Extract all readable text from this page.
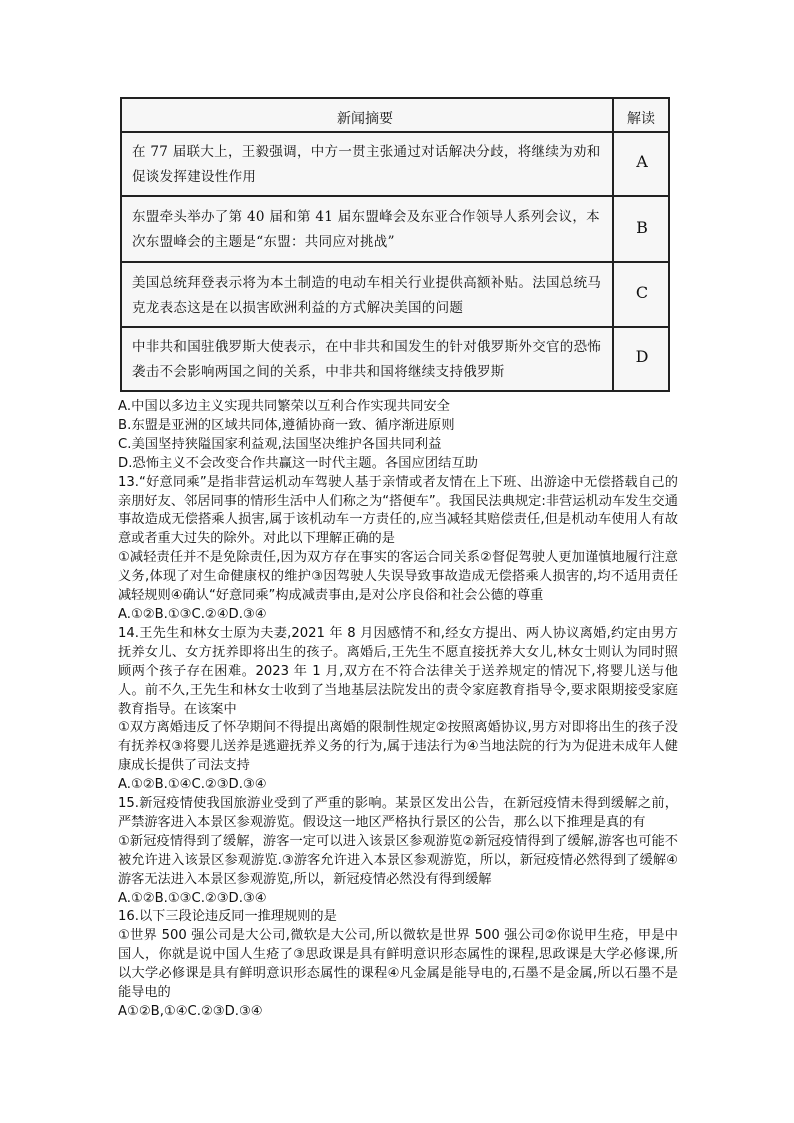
新闻摘要	解读
在 77 届联大上，王毅强调，中方一贯主张通过对话解决分歧，将继续为劝和促谈发挥建设性作用
A
东盟牵头举办了第 40 届和第 41 届东盟峰会及东亚合作领导人系列会议，本次东盟峰会的主题是“东盟：共同应对挑战”
B
美国总统拜登表示将为本土制造的电动车相关行业提供高额补贴。法国总统马克龙表态这是在以损害欧洲利益的方式解决美国的问题
C
中非共和国驻俄罗斯大使表示，在中非共和国发生的针对俄罗斯外交官的恐怖袭击不会影响两国之间的关系，中非共和国将继续支持俄罗斯
D

A.中国以多边主义实现共同繁荣以互利合作实现共同安全

B.东盟是亚洲的区域共同体,遵循协商一致、循序渐进原则

C.美国坚持狭隘国家利益观,法国坚决维护各国共同利益

D.恐怖主义不会改变合作共赢这一时代主题。各国应团结互助

13.“好意同乘”是指非营运机动车驾驶人基于亲情或者友情在上下班、出游途中无偿搭载自己的亲朋好友、邻居同事的情形生活中人们称之为“搭便车”。我国民法典规定:非营运机动车发生交通事故造成无偿搭乘人损害,属于该机动车一方责任的,应当减轻其赔偿责任,但是机动车使用人有故意或者重大过失的除外。对此以下理解正确的是

①减轻责任并不是免除责任,因为双方存在事实的客运合同关系②督促驾驶人更加谨慎地履行注意义务,体现了对生命健康权的维护③因驾驶人失误导致事故造成无偿搭乘人损害的,均不适用责任减轻规则④确认“好意同乘”构成减责事由,是对公序良俗和社会公德的尊重

A.①②B.①③C.②④D.③④

14.王先生和林女士原为夫妻,2021 年 8 月因感情不和,经女方提出、两人协议离婚,约定由男方抚养女儿、女方抚养即将出生的孩子。离婚后,王先生不愿直接抚养大女儿,林女士则认为同时照顾两个孩子存在困难。2023 年 1 月,双方在不符合法律关于送养规定的情况下,将婴儿送与他人。前不久,王先生和林女士收到了当地基层法院发出的责令家庭教育指导令,要求限期接受家庭教育指导。在该案中

①双方离婚违反了怀孕期间不得提出离婚的限制性规定②按照离婚协议,男方对即将出生的孩子没有抚养权③将婴儿送养是逃避抚养义务的行为,属于违法行为④当地法院的行为为促进未成年人健康成长提供了司法支持

A.①②B.①④C.②③D.③④

15.新冠疫情使我国旅游业受到了严重的影响。某景区发出公告，在新冠疫情未得到缓解之前，严禁游客进入本景区参观游览。假设这一地区严格执行景区的公告，那么以下推理是真的有

①新冠疫情得到了缓解，游客一定可以进入该景区参观游览②新冠疫情得到了缓解,游客也可能不被允许进入该景区参观游览.③游客允许进入本景区参观游览，所以，新冠疫情必然得到了缓解④游客无法进入本景区参观游览,所以，新冠疫情必然没有得到缓解

A.①②B.①③C.②③D.③④

16.以下三段论违反同一推理规则的是

①世界 500 强公司是大公司,微软是大公司,所以微软是世界 500 强公司②你说甲生疮，甲是中国人，你就是说中国人生疮了③思政课是具有鲜明意识形态属性的课程,思政课是大学必修课,所以大学必修课是具有鲜明意识形态属性的课程④凡金属是能导电的,石墨不是金属,所以石墨不是能导电的

A①②B,①④C.②③D.③④
